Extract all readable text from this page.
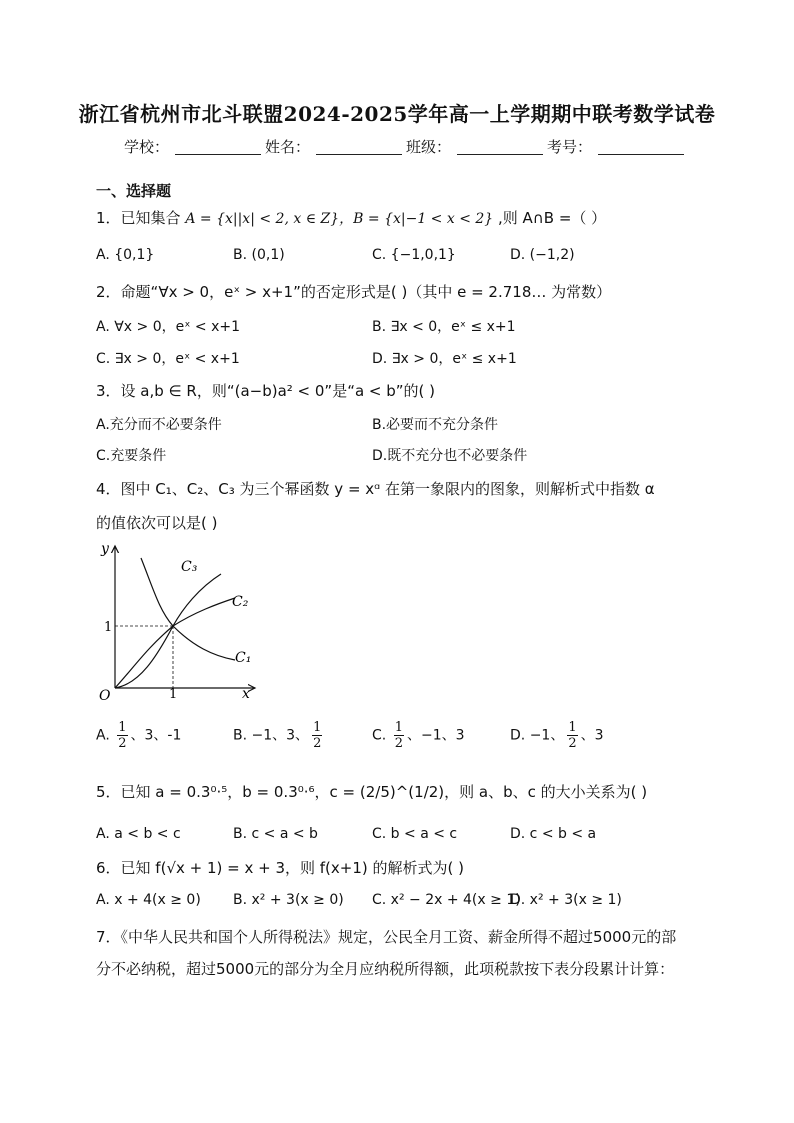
浙江省杭州市北斗联盟2024-2025学年高一上学期期中联考数学试卷
学校：	姓名：	班级：	考号：
一、选择题
1．已知集合 A = {x||x| < 2, x ∈ Z}，B = {x|−1 < x < 2} ,则 A∩B =（ ）
A. {0,1}	B. (0,1)	C. {−1,0,1}	D. (−1,2)
2．命题“∀x > 0，eˣ > x+1”的否定形式是( )（其中 e = 2.718… 为常数）
A. ∀x > 0，eˣ < x+1	B. ∃x < 0，eˣ ≤ x+1
C. ∃x > 0，eˣ < x+1	D. ∃x > 0，eˣ ≤ x+1
3．设 a,b ∈ R，则“(a−b)a² < 0”是“a < b”的( )
A.充分而不必要条件	B.必要而不充分条件
C.充要条件	D.既不充分也不必要条件
4．图中 C₁、C₂、C₃ 为三个幂函数 y = xᵅ 在第一象限内的图象，则解析式中指数 α
的值依次可以是( )
y
x
O	1
1
C₃
C₂
C₁
A. $\frac{1}{2}$ 、3、-1	B. −1、3、 $\frac{1}{2}$	C. $\frac{1}{2}$ 、−1、3	D. −1、 $\frac{1}{2}$ 、3
5．已知 a = 0.3⁰·⁵，b = 0.3⁰·⁶，c = (2/5)^(1/2)，则 a、b、c 的大小关系为( )
A. a < b < c	B. c < a < b	C. b < a < c	D. c < b < a
6．已知 f(√x + 1) = x + 3，则 f(x+1) 的解析式为( )
A. x + 4(x ≥ 0) B. x² + 3(x ≥ 0) C. x² − 2x + 4(x ≥ 1)
D. x² + 3(x ≥ 1)
7．《中华人民共和国个人所得税法》规定，公民全月工资、薪金所得不超过5000元的部
分不必纳税，超过5000元的部分为全月应纳税所得额，此项税款按下表分段累计计算：
